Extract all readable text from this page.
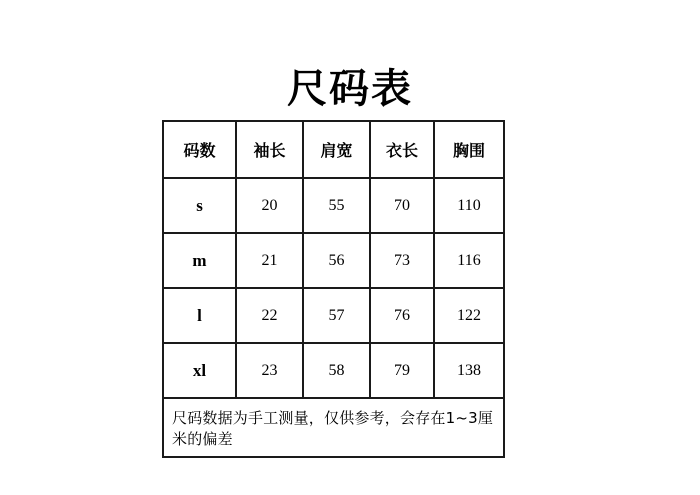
尺码表
码数	袖长	肩宽	衣长	胸围
s	20	55	70	110
m	21	56	73	116
l	22	57	76	122
xl	23	58	79	138
尺码数据为手工测量，仅供参考，会存在1~3厘米的偏差				
